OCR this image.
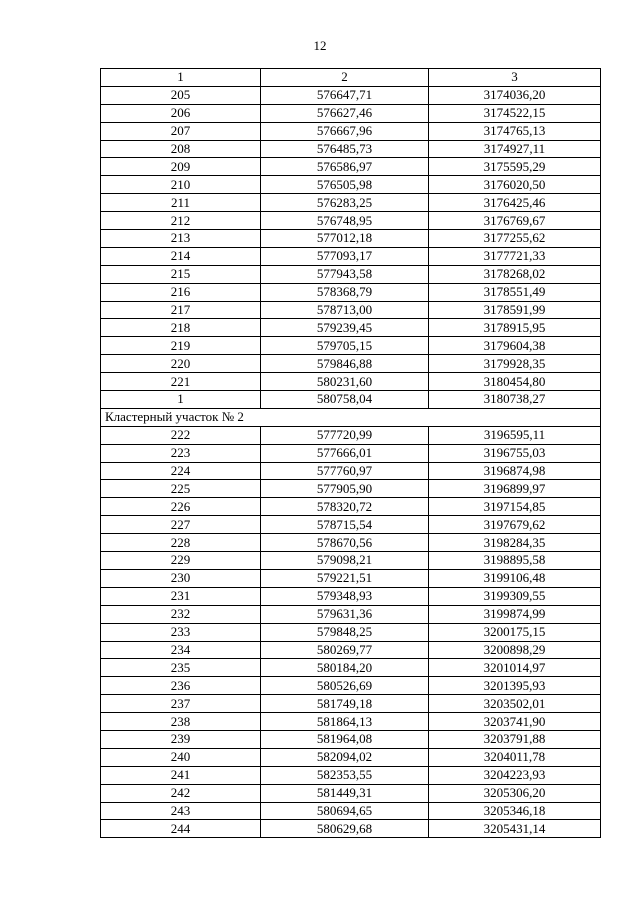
12
1	2	3
205	576647,71	3174036,20
206	576627,46	3174522,15
207	576667,96	3174765,13
208	576485,73	3174927,11
209	576586,97	3175595,29
210	576505,98	3176020,50
211	576283,25	3176425,46
212	576748,95	3176769,67
213	577012,18	3177255,62
214	577093,17	3177721,33
215	577943,58	3178268,02
216	578368,79	3178551,49
217	578713,00	3178591,99
218	579239,45	3178915,95
219	579705,15	3179604,38
220	579846,88	3179928,35
221	580231,60	3180454,80
1	580758,04	3180738,27
Кластерный участок № 2		
222	577720,99	3196595,11
223	577666,01	3196755,03
224	577760,97	3196874,98
225	577905,90	3196899,97
226	578320,72	3197154,85
227	578715,54	3197679,62
228	578670,56	3198284,35
229	579098,21	3198895,58
230	579221,51	3199106,48
231	579348,93	3199309,55
232	579631,36	3199874,99
233	579848,25	3200175,15
234	580269,77	3200898,29
235	580184,20	3201014,97
236	580526,69	3201395,93
237	581749,18	3203502,01
238	581864,13	3203741,90
239	581964,08	3203791,88
240	582094,02	3204011,78
241	582353,55	3204223,93
242	581449,31	3205306,20
243	580694,65	3205346,18
244	580629,68	3205431,14
